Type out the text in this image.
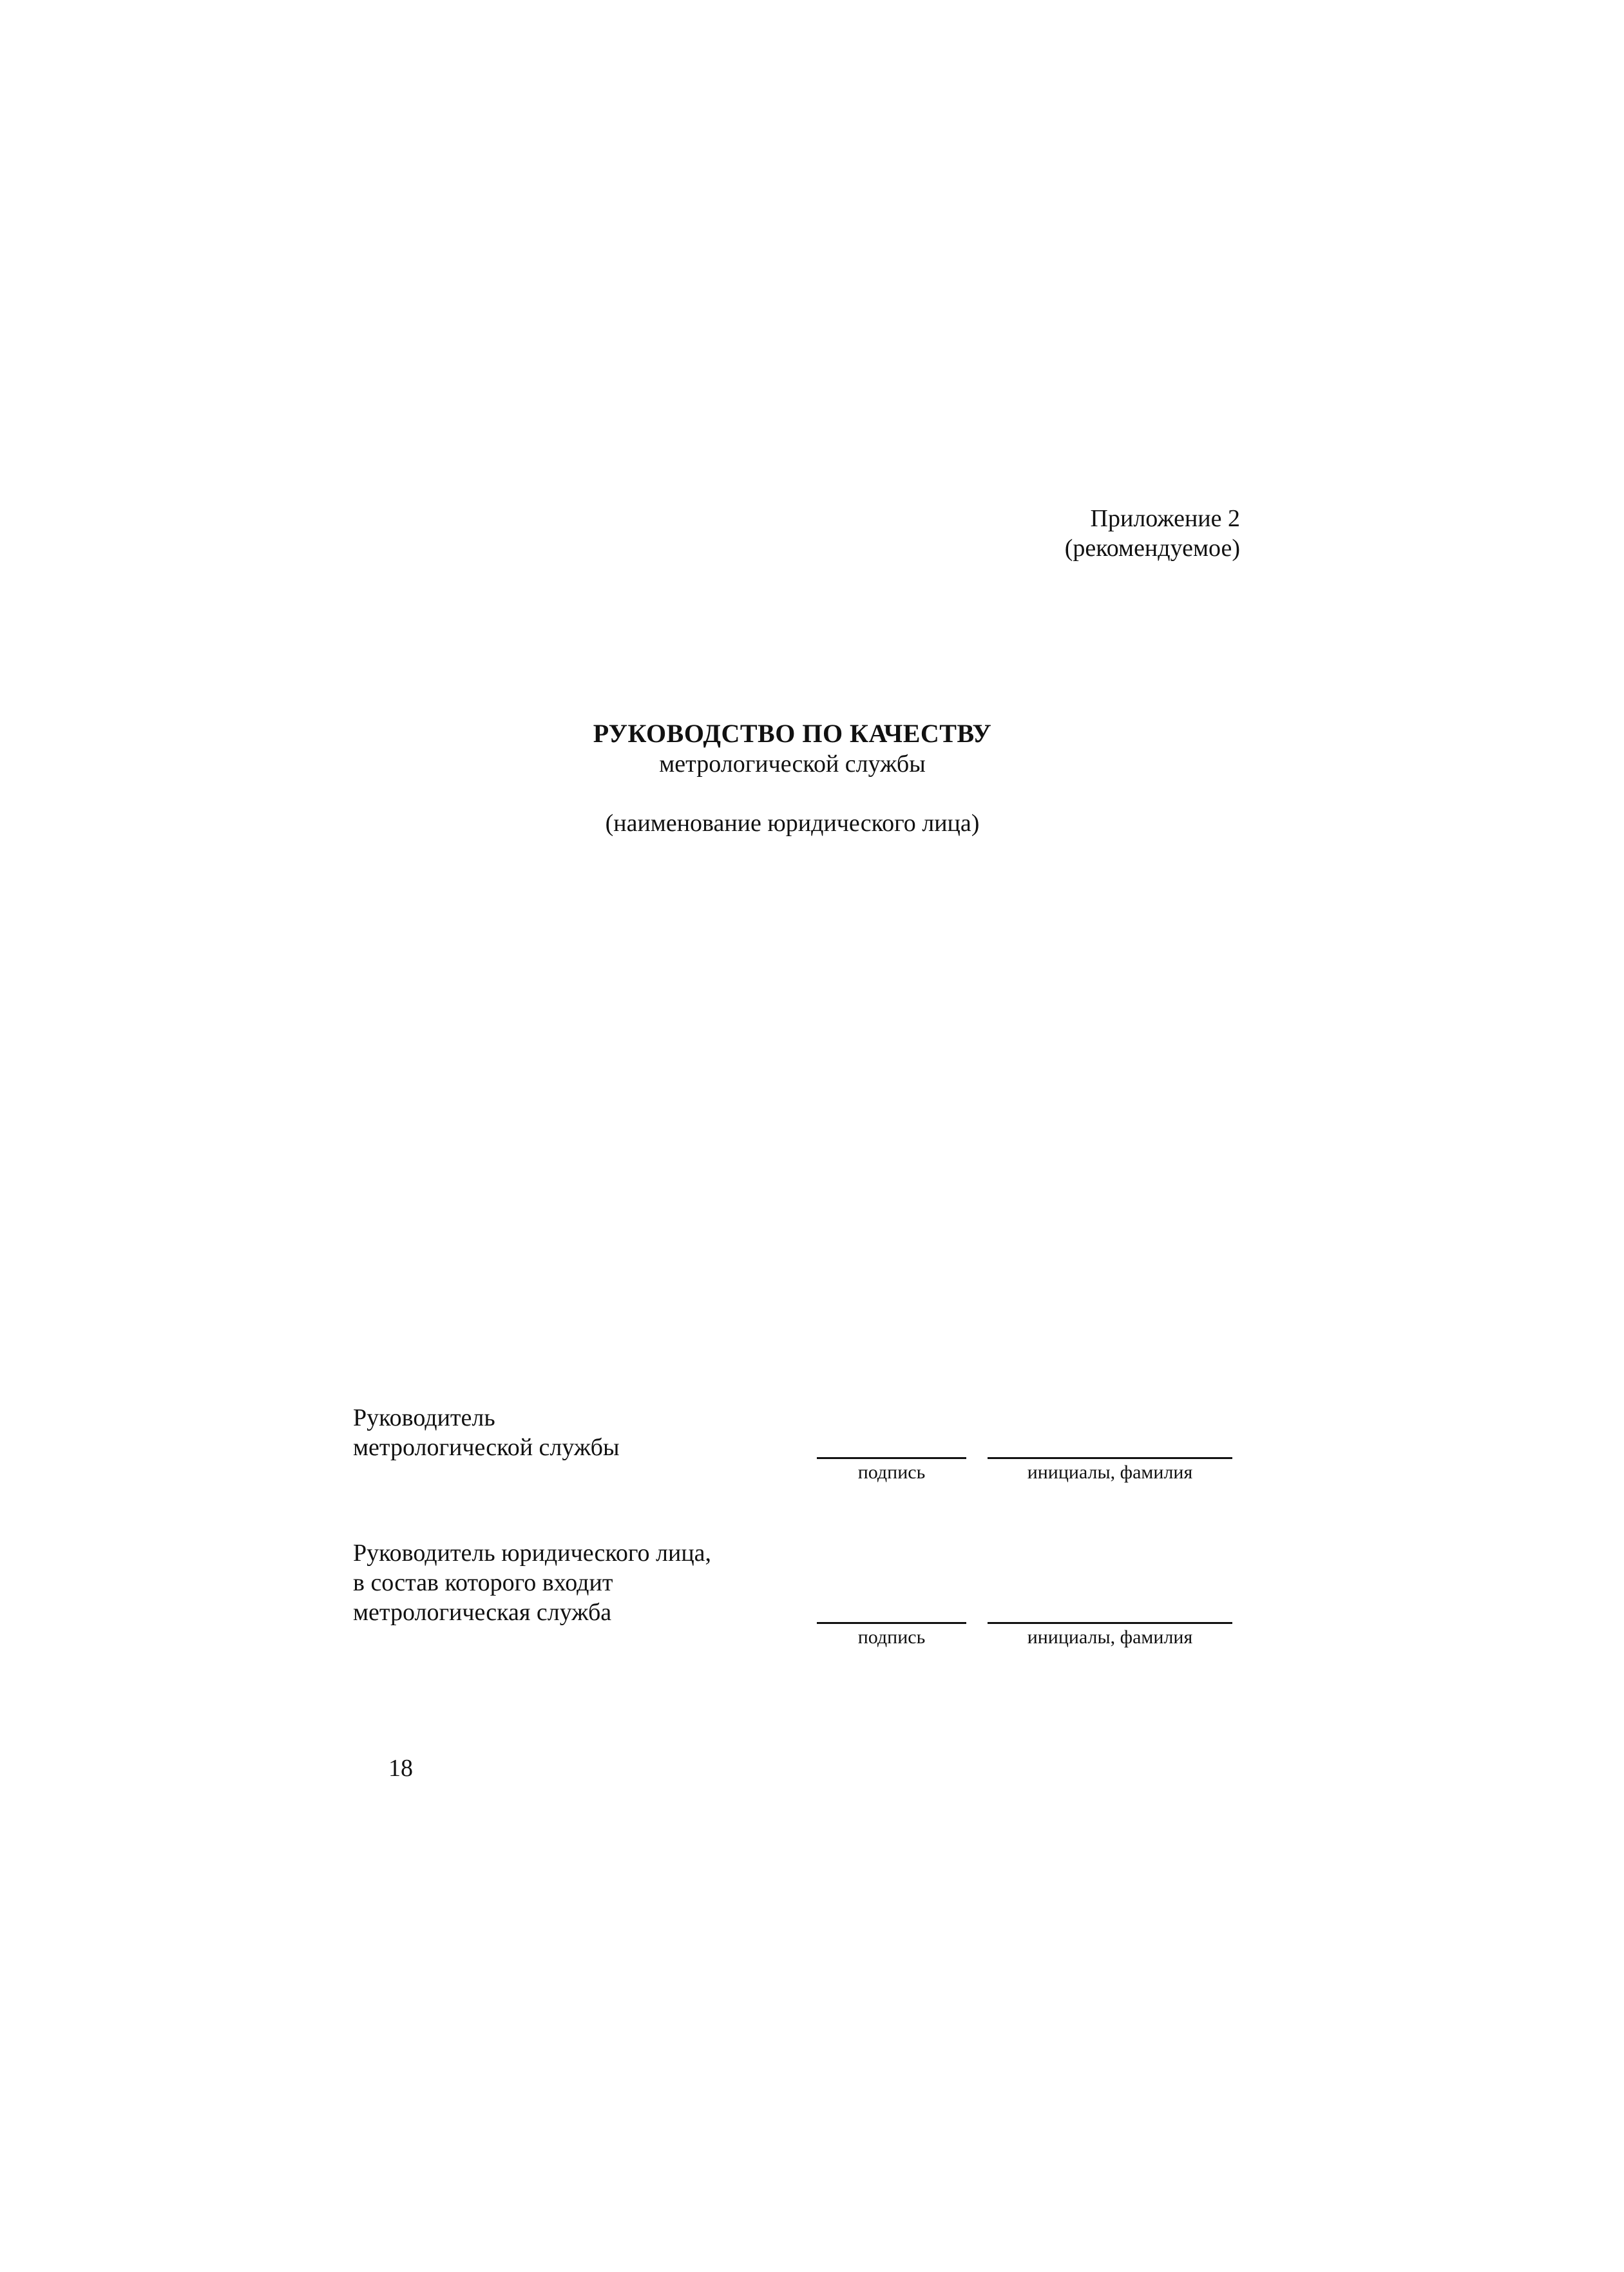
Приложение 2
(рекомендуемое)
РУКОВОДСТВО ПО КАЧЕСТВУ
метрологической службы
(наименование юридического лица)
Руководитель
метрологической службы
подпись	инициалы, фамилия
Руководитель юридического лица,
в состав которого входит
метрологическая служба
подпись	инициалы, фамилия
18
